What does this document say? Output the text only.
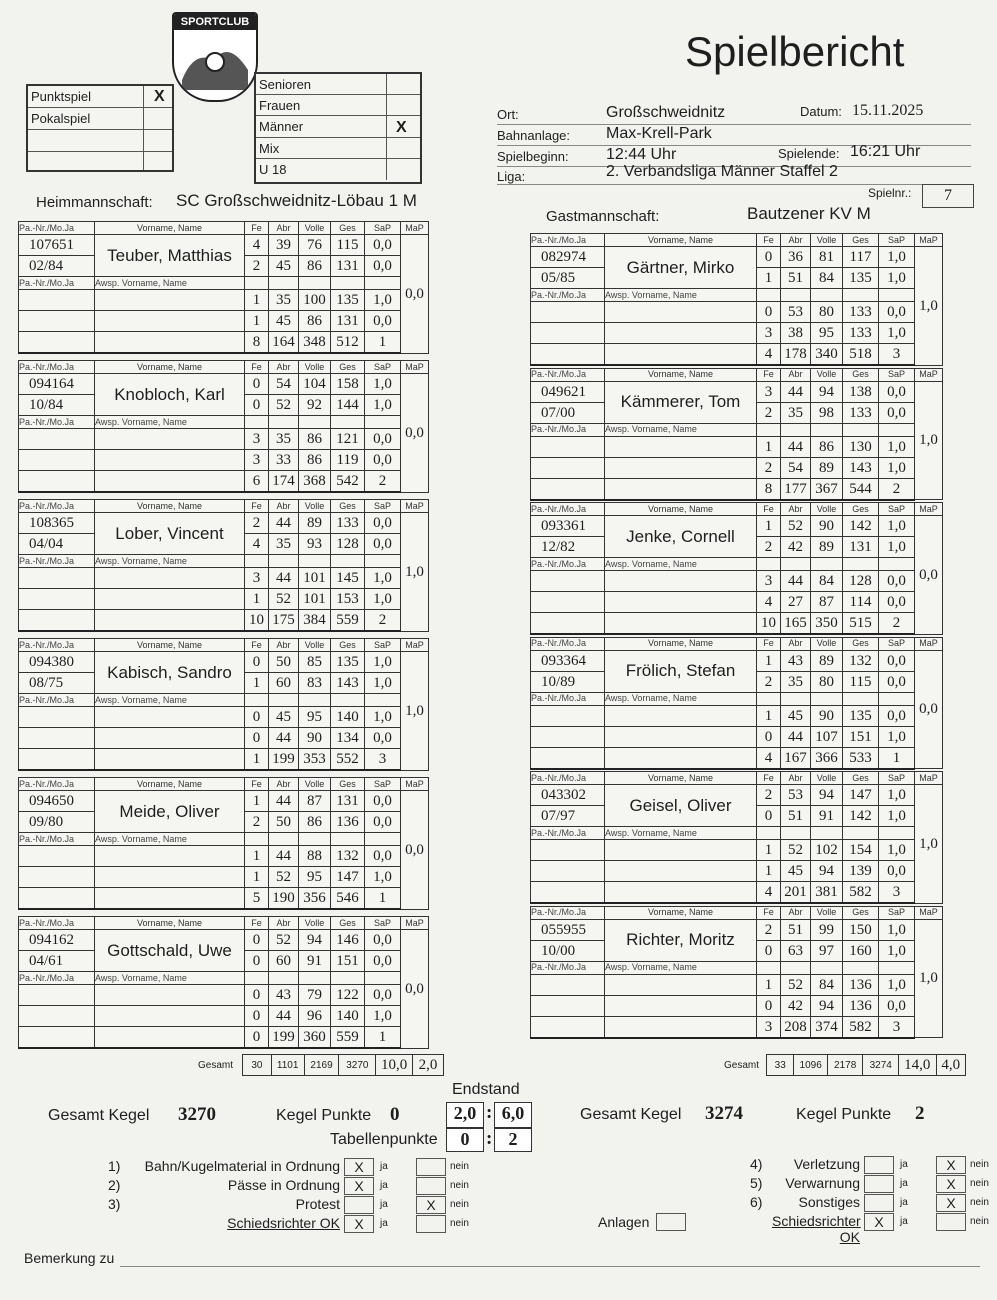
SPORTCLUB
Spielbericht
Punktspiel	X
Pokalspiel
Senioren
Frauen
Männer	X
Mix
U 18
Ort:	Großschweidnitz	Datum: 15.11.2025
Bahnanlage: Max-Krell-Park
Spielbeginn: 12:44 Uhr	Spielende: 16:21 Uhr
Liga:	2. Verbandsliga Männer Staffel 2
Spielnr.:	7
Heimmannschaft: SC Großschweidnitz-Löbau 1 M
Gastmannschaft:	Bautzener KV M
Pa.-Nr./Mo.Ja	Vorname, Name	Fe	Abr	Volle	Ges	SaP	MaP
107651	Teuber, Matthias	4	39	76	115	0,0	0,0
02/84		2	45	86	131	0,0	
Pa.-Nr./Mo.Ja	Awsp. Vorname, Name						
		1	35	100	135	1,0	
		1	45	86	131	0,0	
		8	164	348	512	1	
Pa.-Nr./Mo.Ja	Vorname, Name	Fe	Abr	Volle	Ges	SaP	MaP
094164	Knobloch, Karl	0	54	104	158	1,0	0,0
10/84		0	52	92	144	1,0	
Pa.-Nr./Mo.Ja	Awsp. Vorname, Name						
		3	35	86	121	0,0	
		3	33	86	119	0,0	
		6	174	368	542	2	
Pa.-Nr./Mo.Ja	Vorname, Name	Fe	Abr	Volle	Ges	SaP	MaP
108365	Lober, Vincent	2	44	89	133	0,0	1,0
04/04		4	35	93	128	0,0	
Pa.-Nr./Mo.Ja	Awsp. Vorname, Name						
		3	44	101	145	1,0	
		1	52	101	153	1,0	
		10	175	384	559	2	
Pa.-Nr./Mo.Ja	Vorname, Name	Fe	Abr	Volle	Ges	SaP	MaP
094380	Kabisch, Sandro	0	50	85	135	1,0	1,0
08/75		1	60	83	143	1,0	
Pa.-Nr./Mo.Ja	Awsp. Vorname, Name						
		0	45	95	140	1,0	
		0	44	90	134	0,0	
		1	199	353	552	3	
Pa.-Nr./Mo.Ja	Vorname, Name	Fe	Abr	Volle	Ges	SaP	MaP
094650	Meide, Oliver	1	44	87	131	0,0	0,0
09/80		2	50	86	136	0,0	
Pa.-Nr./Mo.Ja	Awsp. Vorname, Name						
		1	44	88	132	0,0	
		1	52	95	147	1,0	
		5	190	356	546	1	
Pa.-Nr./Mo.Ja	Vorname, Name	Fe	Abr	Volle	Ges	SaP	MaP
094162	Gottschald, Uwe	0	52	94	146	0,0	0,0
04/61		0	60	91	151	0,0	
Pa.-Nr./Mo.Ja	Awsp. Vorname, Name						
		0	43	79	122	0,0	
		0	44	96	140	1,0	
		0	199	360	559	1	
Pa.-Nr./Mo.Ja	Vorname, Name	Fe	Abr	Volle	Ges	SaP	MaP
082974	Gärtner, Mirko	0	36	81	117	1,0	1,0
05/85		1	51	84	135	1,0	
Pa.-Nr./Mo.Ja	Awsp. Vorname, Name						
		0	53	80	133	0,0	
		3	38	95	133	1,0	
		4	178	340	518	3	
Pa.-Nr./Mo.Ja	Vorname, Name	Fe	Abr	Volle	Ges	SaP	MaP
049621	Kämmerer, Tom	3	44	94	138	0,0	1,0
07/00		2	35	98	133	0,0	
Pa.-Nr./Mo.Ja	Awsp. Vorname, Name						
		1	44	86	130	1,0	
		2	54	89	143	1,0	
		8	177	367	544	2	
Pa.-Nr./Mo.Ja	Vorname, Name	Fe	Abr	Volle	Ges	SaP	MaP
093361	Jenke, Cornell	1	52	90	142	1,0	0,0
12/82		2	42	89	131	1,0	
Pa.-Nr./Mo.Ja	Awsp. Vorname, Name						
		3	44	84	128	0,0	
		4	27	87	114	0,0	
		10	165	350	515	2	
Pa.-Nr./Mo.Ja	Vorname, Name	Fe	Abr	Volle	Ges	SaP	MaP
093364	Frölich, Stefan	1	43	89	132	0,0	0,0
10/89		2	35	80	115	0,0	
Pa.-Nr./Mo.Ja	Awsp. Vorname, Name						
		1	45	90	135	0,0	
		0	44	107	151	1,0	
		4	167	366	533	1	
Pa.-Nr./Mo.Ja	Vorname, Name	Fe	Abr	Volle	Ges	SaP	MaP
043302	Geisel, Oliver	2	53	94	147	1,0	1,0
07/97		0	51	91	142	1,0	
Pa.-Nr./Mo.Ja	Awsp. Vorname, Name						
		1	52	102	154	1,0	
		1	45	94	139	0,0	
		4	201	381	582	3	
Pa.-Nr./Mo.Ja	Vorname, Name	Fe	Abr	Volle	Ges	SaP	MaP
055955	Richter, Moritz	2	51	99	150	1,0	1,0
10/00		0	63	97	160	1,0	
Pa.-Nr./Mo.Ja	Awsp. Vorname, Name						
		1	52	84	136	1,0	
		0	42	94	136	0,0	
		3	208	374	582	3	
Gesamt 30	1101	2169	3270	10,0	2,0	Gesamt 33	1096	2178	3274	14,0	4,0
Endstand
Gesamt Kegel 3270	Kegel Punkte 0	2,0 : 6,0	Gesamt Kegel 3274	Kegel Punkte 2
Tabellenpunkte	0 : 2
1)	Bahn/Kugelmaterial in Ordnung	X	ja	nein
2)	Pässe in Ordnung	X	ja	nein
3)	Protest	ja	X	nein
Schiedsrichter OK	X	ja	nein
4)	Verletzung	ja	X	nein
5)	Verwarnung	ja	X	nein
6)	Sonstiges	ja	X	nein
Schiedsrichter OK
X	ja	nein
Anlagen
Bemerkung zu
